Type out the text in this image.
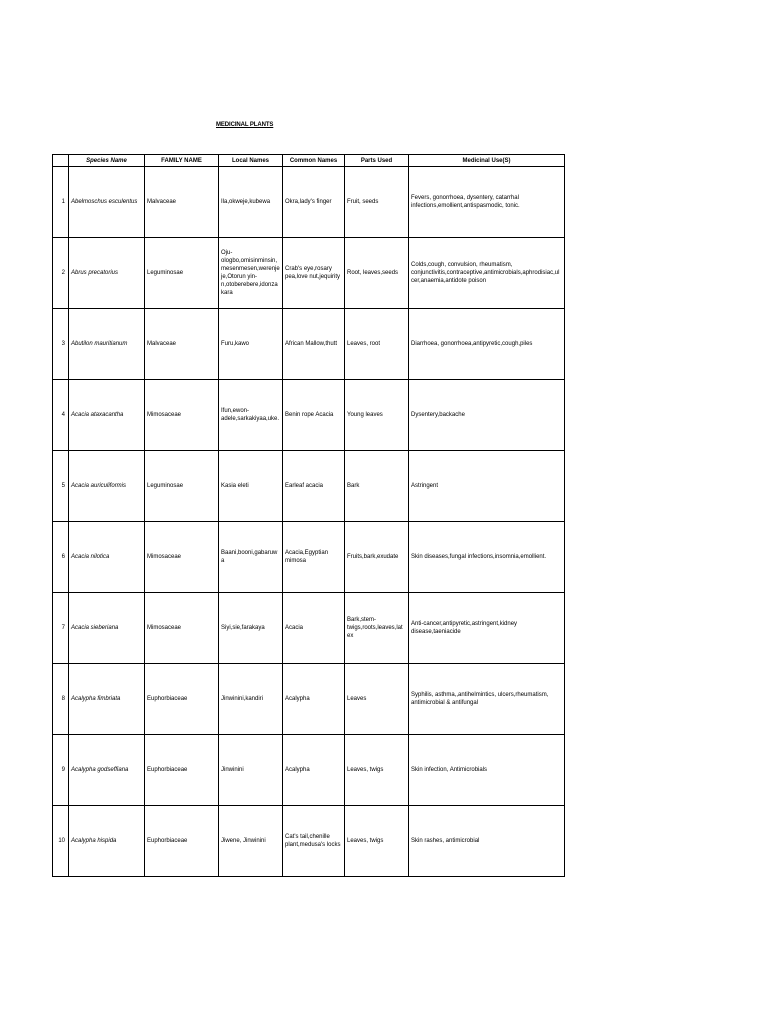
MEDICINAL PLANTS
	Species Name	FAMILY NAME	Local Names	Common Names	Parts Used	Medicinal Use(S)
1	Abelmoschus esculentus	Malvaceae	Ila,okweje,kubewa	Okra,lady's finger	Fruit, seeds	Fevers, gonorrhoea, dysentery, catarrhal infections,emollient,antispasmodic, tonic.
2	Abrus precatorius	Leguminosae	Oju-ologbo,omisinminsin,mesenmesen,werenjeje,Otorun yin-n,otoberebere,idonzakara	Crab's eye,rosary pea,love nut,jequirity	Root, leaves,seeds	Colds,cough, convulsion, rheumatism, conjunctivitis,contraceptive,antimicrobials,aphrodisiac,ulcer,anaemia,antidote poison
3	Abutilon mauritianum	Malvaceae	Furu,kawo	African Mallow,thutt	Leaves, root	Diarrhoea, gonorrhoea,antipyretic,cough,piles
4	Acacia ataxacantha	Mimosaceae	Ifun,ewon-adele,sarkakiyaa,uke.	Benin rope Acacia	Young leaves	Dysentery,backache
5	Acacia auriculiformis	Leguminosae	Kasia eleti	Earleaf acacia	Bark	Astringent
6	Acacia nilotica	Mimosaceae	Baani,booni,gabaruwa	Acacia,Egyptian mimosa	Fruits,bark,exudate	Skin diseases,fungal infections,insomnia,emollient.
7	Acacia sieberiana	Mimosaceae	Siyi,sie,farakaya	Acacia	Bark,stem-twigs,roots,leaves,latex	Anti-cancer,antipyretic,astringent,kidney disease,taeniacide
8	Acalypha fimbriata	Euphorbiaceae	Jinwinini,kandiri	Acalypha	Leaves	Syphilis, asthma,,antihelmintics, ulcers,rheumatism, antimicrobial & antifungal
9	Acalypha godseffiana	Euphorbiaceae	Jinwinini	Acalypha	Leaves, twigs	Skin infection, Antimicrobials
10	Acalypha hispida	Euphorbiaceae	Jiwene, Jinwinini	Cat's tail,chenille plant,medusa's locks	Leaves, twigs	Skin rashes, antimicrobial
